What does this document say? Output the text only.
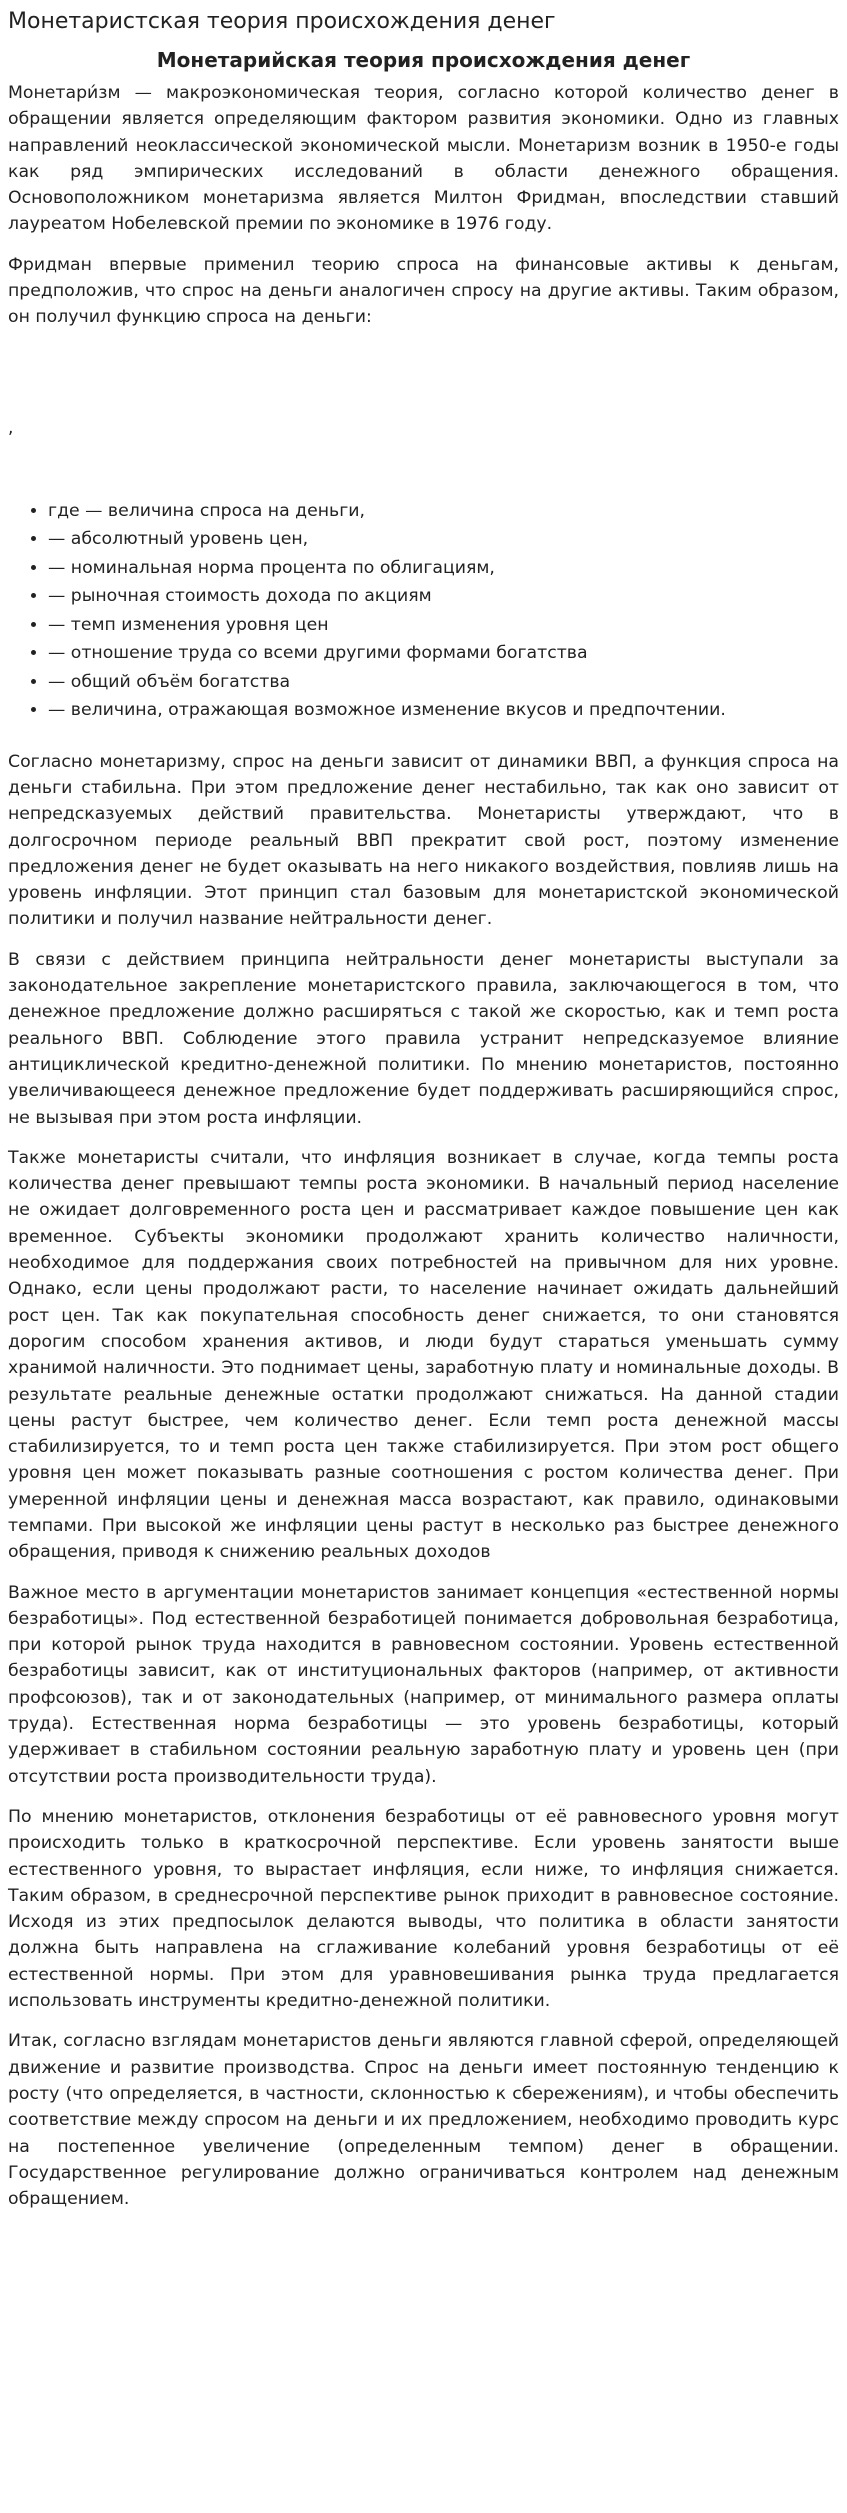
Монетаристская теория происхождения денег
Монетарийская теория происхождения денег

Монетари́зм — макроэкономическая теория, согласно которой количество денег в обращении является определяющим фактором развития экономики. Одно из главных направлений неоклассической экономической мысли. Монетаризм возник в 1950-е годы как ряд эмпирических исследований в области денежного обращения. Основоположником монетаризма является Милтон Фридман, впоследствии ставший лауреатом Нобелевской премии по экономике в 1976 году.

Фридман впервые применил теорию спроса на финансовые активы к деньгам, предположив, что спрос на деньги аналогичен спросу на другие активы. Таким образом, он получил функцию спроса на деньги:

,

• где — величина спроса на деньги,
• — абсолютный уровень цен,
• — номинальная норма процента по облигациям,
• — рыночная стоимость дохода по акциям
• — темп изменения уровня цен
• — отношение труда со всеми другими формами богатства
• — общий объём богатства
• — величина, отражающая возможное изменение вкусов и предпочтении.

Согласно монетаризму, спрос на деньги зависит от динамики ВВП, а функция спроса на деньги стабильна. При этом предложение денег нестабильно, так как оно зависит от непредсказуемых действий правительства. Монетаристы утверждают, что в долгосрочном периоде реальный ВВП прекратит свой рост, поэтому изменение предложения денег не будет оказывать на него никакого воздействия, повлияв лишь на уровень инфляции. Этот принцип стал базовым для монетаристской экономической политики и получил название нейтральности денег.

В связи с действием принципа нейтральности денег монетаристы выступали за законодательное закрепление монетаристского правила, заключающегося в том, что денежное предложение должно расширяться с такой же скоростью, как и темп роста реального ВВП. Соблюдение этого правила устранит непредсказуемое влияние антициклической кредитно-денежной политики. По мнению монетаристов, постоянно увеличивающееся денежное предложение будет поддерживать расширяющийся спрос, не вызывая при этом роста инфляции.

Также монетаристы считали, что инфляция возникает в случае, когда темпы роста количества денег превышают темпы роста экономики. В начальный период население не ожидает долговременного роста цен и рассматривает каждое повышение цен как временное. Субъекты экономики продолжают хранить количество наличности, необходимое для поддержания своих потребностей на привычном для них уровне. Однако, если цены продолжают расти, то население начинает ожидать дальнейший рост цен. Так как покупательная способность денег снижается, то они становятся дорогим способом хранения активов, и люди будут стараться уменьшать сумму хранимой наличности. Это поднимает цены, заработную плату и номинальные доходы. В результате реальные денежные остатки продолжают снижаться. На данной стадии цены растут быстрее, чем количество денег. Если темп роста денежной массы стабилизируется, то и темп роста цен также стабилизируется. При этом рост общего уровня цен может показывать разные соотношения с ростом количества денег. При умеренной инфляции цены и денежная масса возрастают, как правило, одинаковыми темпами. При высокой же инфляции цены растут в несколько раз быстрее денежного обращения, приводя к снижению реальных доходов

Важное место в аргументации монетаристов занимает концепция «естественной нормы безработицы». Под естественной безработицей понимается добровольная безработица, при которой рынок труда находится в равновесном состоянии. Уровень естественной безработицы зависит, как от институциональных факторов (например, от активности профсоюзов), так и от законодательных (например, от минимального размера оплаты труда). Естественная норма безработицы — это уровень безработицы, который удерживает в стабильном состоянии реальную заработную плату и уровень цен (при отсутствии роста производительности труда).

По мнению монетаристов, отклонения безработицы от её равновесного уровня могут происходить только в краткосрочной перспективе. Если уровень занятости выше естественного уровня, то вырастает инфляция, если ниже, то инфляция снижается. Таким образом, в среднесрочной перспективе рынок приходит в равновесное состояние. Исходя из этих предпосылок делаются выводы, что политика в области занятости должна быть направлена на сглаживание колебаний уровня безработицы от её естественной нормы. При этом для уравновешивания рынка труда предлагается использовать инструменты кредитно-денежной политики.

Итак, согласно взглядам монетаристов деньги являются главной сферой, определяющей движение и развитие производства. Спрос на деньги имеет постоянную тенденцию к росту (что определяется, в частности, склонностью к сбережениям), и чтобы обеспечить соответствие между спросом на деньги и их предложением, необходимо проводить курс на постепенное увеличение (определенным темпом) денег в обращении. Государственное регулирование должно ограничиваться контролем над денежным обращением.
